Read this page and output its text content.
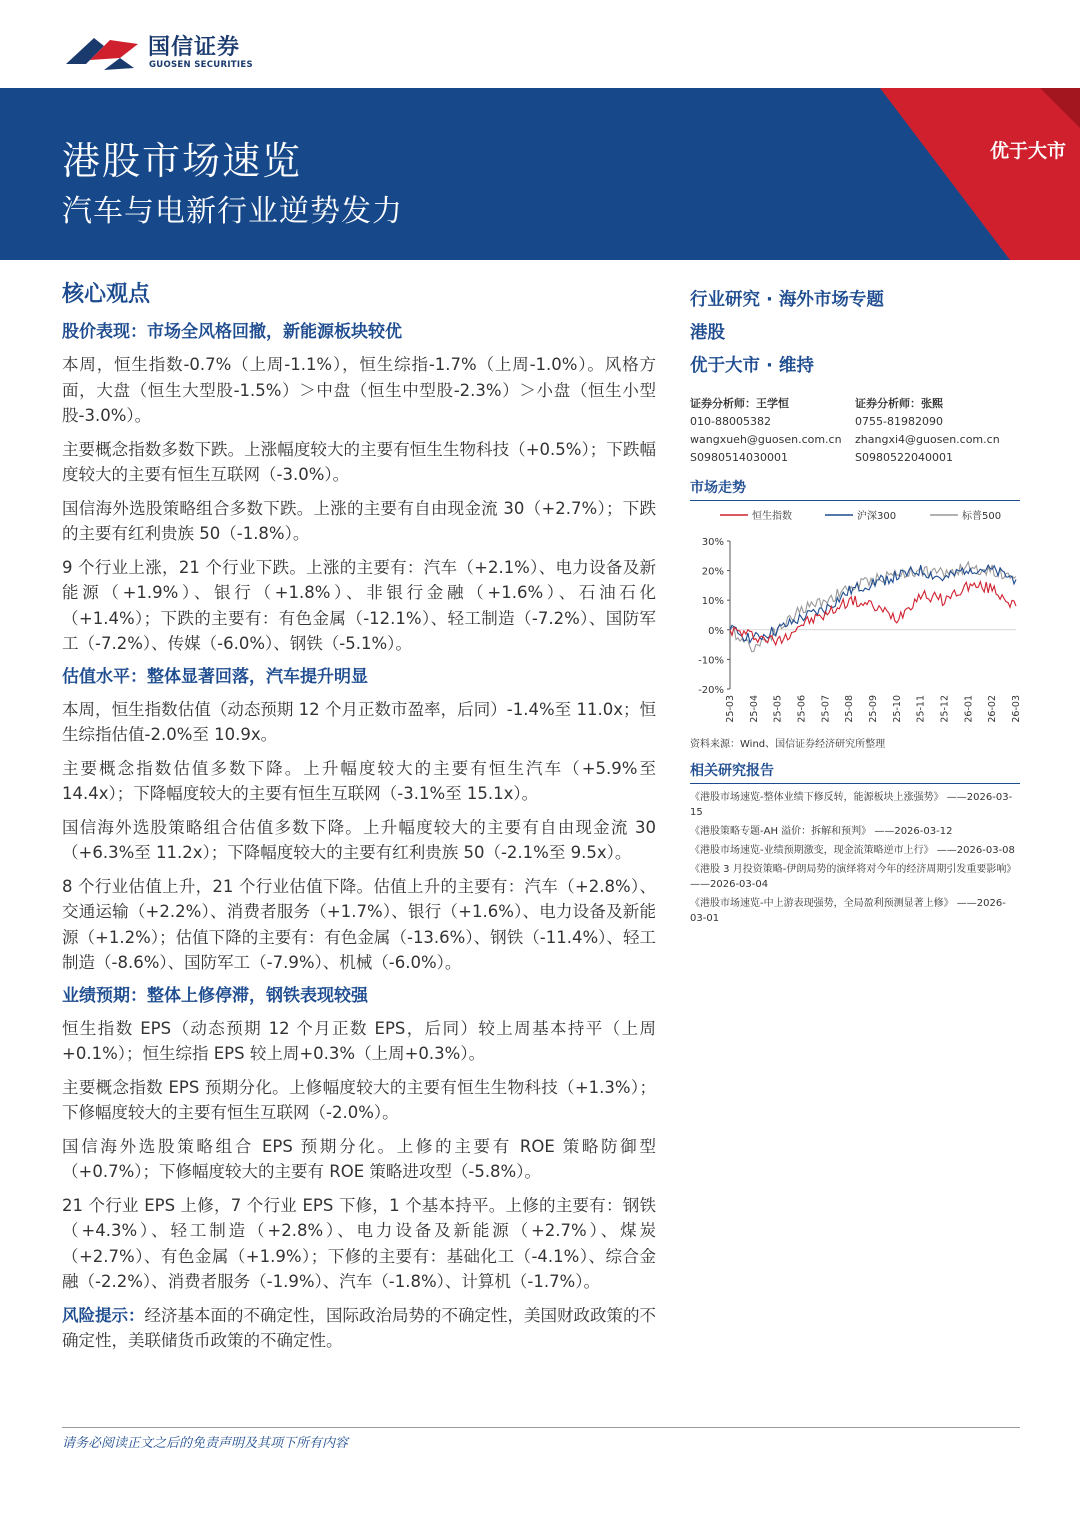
国信证券
GUOSEN SECURITIES
港股市场速览
汽车与电新行业逆势发力
优于大市
核心观点
股价表现：市场全风格回撤，新能源板块较优
本周，恒生指数-0.7%（上周-1.1%），恒生综指-1.7%（上周-1.0%）。风格方面，大盘（恒生大型股-1.5%）＞中盘（恒生中型股-2.3%）＞小盘（恒生小型股-3.0%）。
主要概念指数多数下跌。上涨幅度较大的主要有恒生生物科技（+0.5%）；下跌幅度较大的主要有恒生互联网（-3.0%）。
国信海外选股策略组合多数下跌。上涨的主要有自由现金流 30（+2.7%）；下跌的主要有红利贵族 50（-1.8%）。
9 个行业上涨，21 个行业下跌。上涨的主要有：汽车（+2.1%）、电力设备及新能源（+1.9%）、银行（+1.8%）、非银行金融（+1.6%）、石油石化（+1.4%）；下跌的主要有：有色金属（-12.1%）、轻工制造（-7.2%）、国防军工（-7.2%）、传媒（-6.0%）、钢铁（-5.1%）。
估值水平：整体显著回落，汽车提升明显
本周，恒生指数估值（动态预期 12 个月正数市盈率，后同）-1.4%至 11.0x；恒生综指估值-2.0%至 10.9x。
主要概念指数估值多数下降。上升幅度较大的主要有恒生汽车（+5.9%至 14.4x）；下降幅度较大的主要有恒生互联网（-3.1%至 15.1x）。
国信海外选股策略组合估值多数下降。上升幅度较大的主要有自由现金流 30（+6.3%至 11.2x）；下降幅度较大的主要有红利贵族 50（-2.1%至 9.5x）。
8 个行业估值上升，21 个行业估值下降。估值上升的主要有：汽车（+2.8%）、交通运输（+2.2%）、消费者服务（+1.7%）、银行（+1.6%）、电力设备及新能源（+1.2%）；估值下降的主要有：有色金属（-13.6%）、钢铁（-11.4%）、轻工制造（-8.6%）、国防军工（-7.9%）、机械（-6.0%）。
业绩预期：整体上修停滞，钢铁表现较强
恒生指数 EPS（动态预期 12 个月正数 EPS，后同）较上周基本持平（上周+0.1%）；恒生综指 EPS 较上周+0.3%（上周+0.3%）。
主要概念指数 EPS 预期分化。上修幅度较大的主要有恒生生物科技（+1.3%）；下修幅度较大的主要有恒生互联网（-2.0%）。
国信海外选股策略组合 EPS 预期分化。上修的主要有 ROE 策略防御型（+0.7%）；下修幅度较大的主要有 ROE 策略进攻型（-5.8%）。
21 个行业 EPS 上修，7 个行业 EPS 下修，1 个基本持平。上修的主要有：钢铁（+4.3%）、轻工制造（+2.8%）、电力设备及新能源（+2.7%）、煤炭（+2.7%）、有色金属（+1.9%）；下修的主要有：基础化工（-4.1%）、综合金融（-2.2%）、消费者服务（-1.9%）、汽车（-1.8%）、计算机（-1.7%）。
风险提示：经济基本面的不确定性，国际政治局势的不确定性，美国财政政策的不确定性，美联储货币政策的不确定性。
行业研究 · 海外市场专题
港股
优于大市 · 维持
证券分析师：王学恒
010-88005382
wangxueh@guosen.com.cn
S0980514030001
证券分析师：张熙
0755-81982090
zhangxi4@guosen.com.cn
S0980522040001
市场走势
恒生指数	沪深300	标普500
30%
20%
10%
0%
-10%
-20%
25-03 25-04 25-05 25-06 25-07 25-08 25-09 25-10 25-11 25-12 26-01 26-02 26-03
资料来源：Wind、国信证券经济研究所整理
相关研究报告
《港股市场速览-整体业绩下修反转，能源板块上涨强势》 ——2026-03-15
《港股策略专题-AH 溢价：拆解和预判》 ——2026-03-12
《港股市场速览-业绩预期激变，现金流策略逆市上行》 ——2026-03-08
《港股 3 月投资策略-伊朗局势的演绎将对今年的经济周期引发重要影响》 ——2026-03-04
《港股市场速览-中上游表现强势，全局盈利预测显著上修》 ——2026-03-01
请务必阅读正文之后的免责声明及其项下所有内容
